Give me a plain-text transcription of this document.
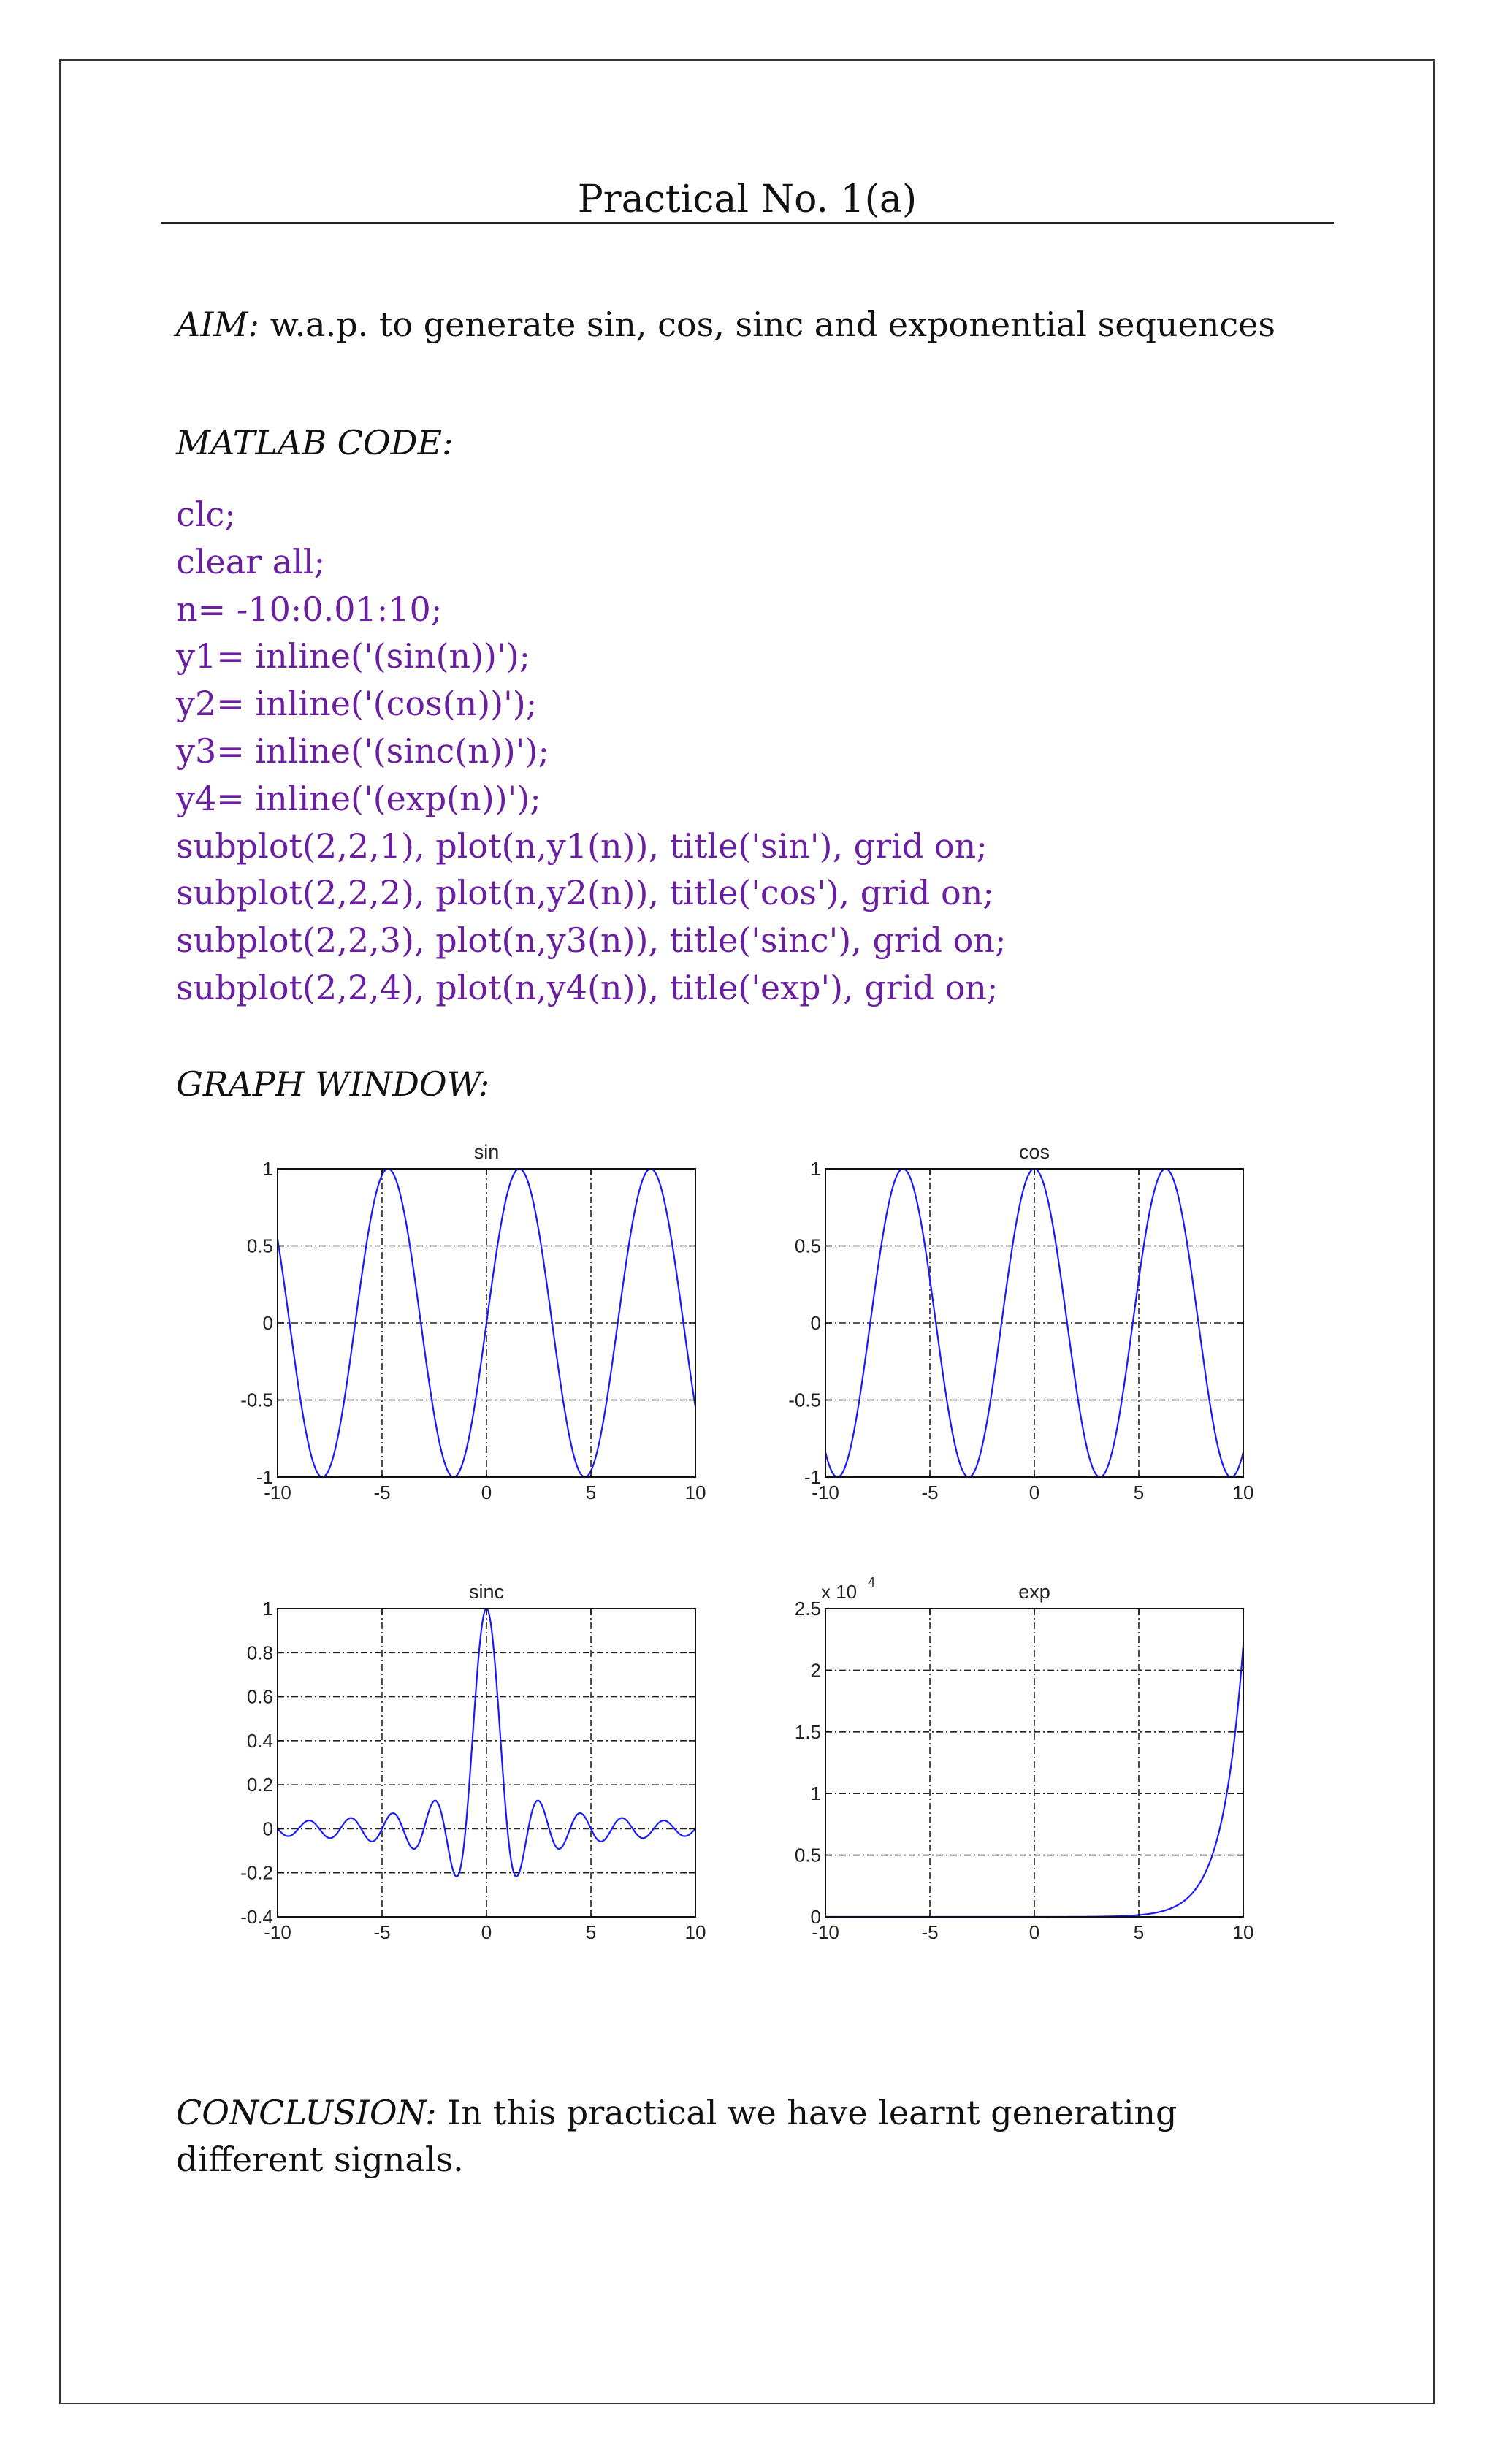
Practical No. 1(a)
AIM: w.a.p. to generate sin, cos, sinc and exponential sequences
MATLAB CODE:
clc;
clear all;
n= -10:0.01:10;
y1= inline('(sin(n))');
y2= inline('(cos(n))');
y3= inline('(sinc(n))');
y4= inline('(exp(n))');
subplot(2,2,1), plot(n,y1(n)), title('sin'), grid on;
subplot(2,2,2), plot(n,y2(n)), title('cos'), grid on;
subplot(2,2,3), plot(n,y3(n)), title('sinc'), grid on;
subplot(2,2,4), plot(n,y4(n)), title('exp'), grid on;
GRAPH WINDOW:
-10	-5	0	5	10
-1
-0.5
0
0.5
1
sin
-10	-5	0	5	10
-1
-0.5
0
0.5
1
cos
-10	-5	0	5	10
-0.4
-0.2
0
0.2
0.4
0.6
0.8
1
sinc
-10	-5	0	5	10
0
0.5
1
1.5
2
2.5
exp
x 10 4
CONCLUSION: In this practical we have learnt generating different signals.
